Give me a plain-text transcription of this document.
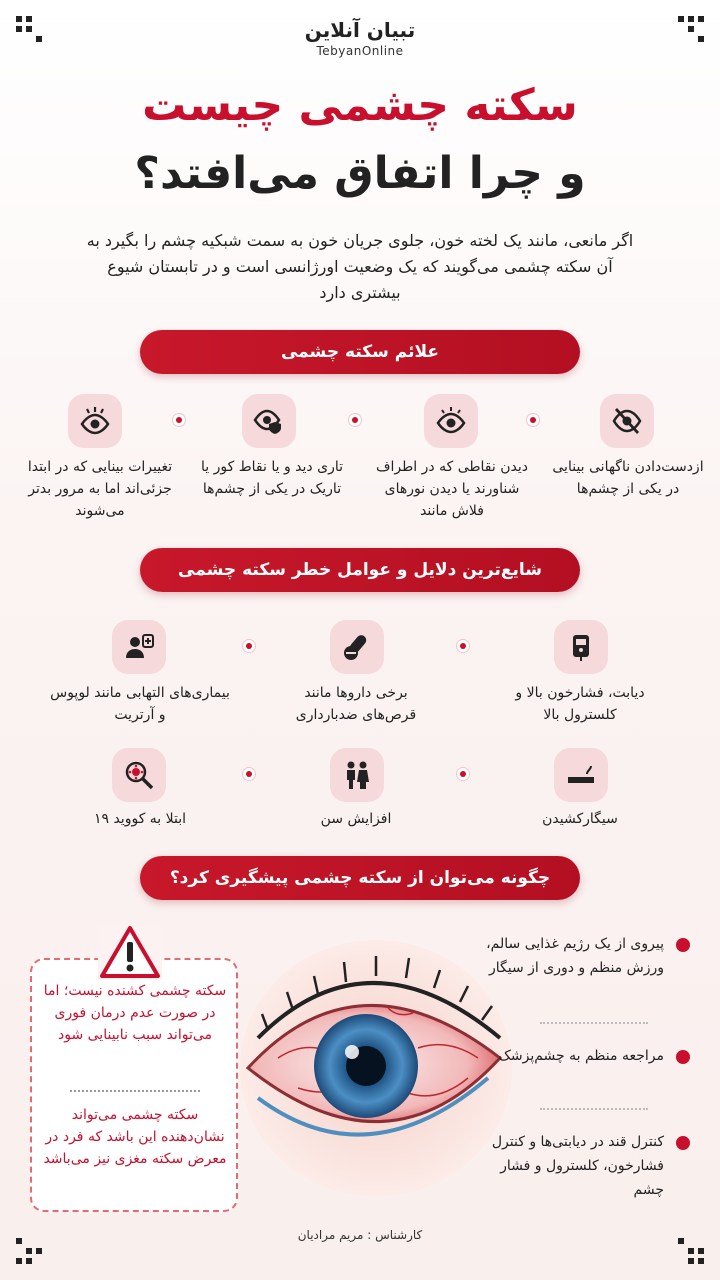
تبیان آنلاین
TebyanOnline
سکته چشمی چیست
و چرا اتفاق می‌افتد؟
اگر مانعی، مانند یک لخته خون، جلوی جریان خون به سمت شبکیه چشم را بگیرد به آن سکته چشمی می‌گویند که یک وضعیت اورژانسی است و در تابستان شیوع بیشتری دارد
علائم سکته چشمی
ازدست‌دادن ناگهانی بینایی در یکی از چشم‌ها
دیدن نقاطی که در اطراف شناورند یا دیدن نورهای فلاش مانند
تاری دید و یا نقاط کور یا تاریک در یکی از چشم‌ها
تغییرات بینایی که در ابتدا جزئی‌اند اما به مرور بدتر می‌شوند
شایع‌ترین دلایل و عوامل خطر سکته چشمی
دیابت، فشارخون بالا و کلسترول بالا
برخی داروها مانند قرص‌های ضدبارداری
بیماری‌های التهابی مانند لوپوس و آرتریت
سیگارکشیدن
افزایش سن
ابتلا به کووید ۱۹
چگونه می‌توان از سکته چشمی پیشگیری کرد؟
سکته چشمی کشنده نیست؛ اما در صورت عدم درمان فوری می‌تواند سبب نابینایی شود
سکته چشمی می‌تواند نشان‌دهنده این باشد که فرد در معرض سکته مغزی نیز می‌باشد
پیروی از یک رژیم غذایی سالم، ورزش منظم و دوری از سیگار
مراجعه منظم به چشم‌پزشک
کنترل قند در دیابتی‌ها و کنترل فشارخون، کلسترول و فشار چشم
کارشناس : مریم مرادیان
